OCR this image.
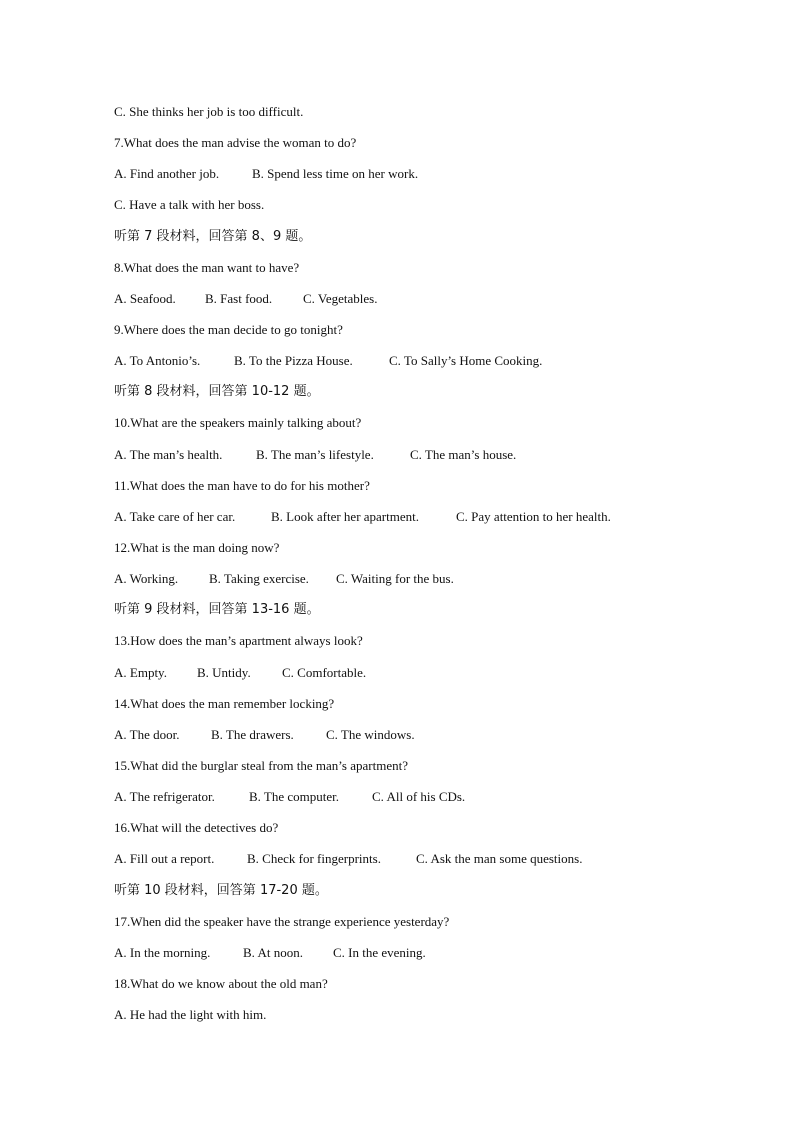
C. She thinks her job is too difficult.
7.What does the man advise the woman to do?
A. Find another job.	B. Spend less time on her work.
C. Have a talk with her boss.
听第 7 段材料，回答第 8、9 题。
8.What does the man want to have?
A. Seafood. B. Fast food. C. Vegetables.
9.Where does the man decide to go tonight?
A. To Antonio’s.	B. To the Pizza House.	C. To Sally’s Home Cooking.
听第 8 段材料，回答第 10-12 题。
10.What are the speakers mainly talking about?
A. The man’s health.	B. The man’s lifestyle.	C. The man’s house.
11.What does the man have to do for his mother?
A. Take care of her car.	B. Look after her apartment.	C. Pay attention to her health.
12.What is the man doing now?
A. Working. B. Taking exercise. C. Waiting for the bus.
听第 9 段材料，回答第 13-16 题。
13.How does the man’s apartment always look?
A. Empty. B. Untidy. C. Comfortable.
14.What does the man remember locking?
A. The door. B. The drawers. C. The windows.
15.What did the burglar steal from the man’s apartment?
A. The refrigerator.	B. The computer.	C. All of his CDs.
16.What will the detectives do?
A. Fill out a report.	B. Check for fingerprints.	C. Ask the man some questions.
听第 10 段材料，回答第 17-20 题。
17.When did the speaker have the strange experience yesterday?
A. In the morning.	B. At noon. C. In the evening.
18.What do we know about the old man?
A. He had the light with him.
